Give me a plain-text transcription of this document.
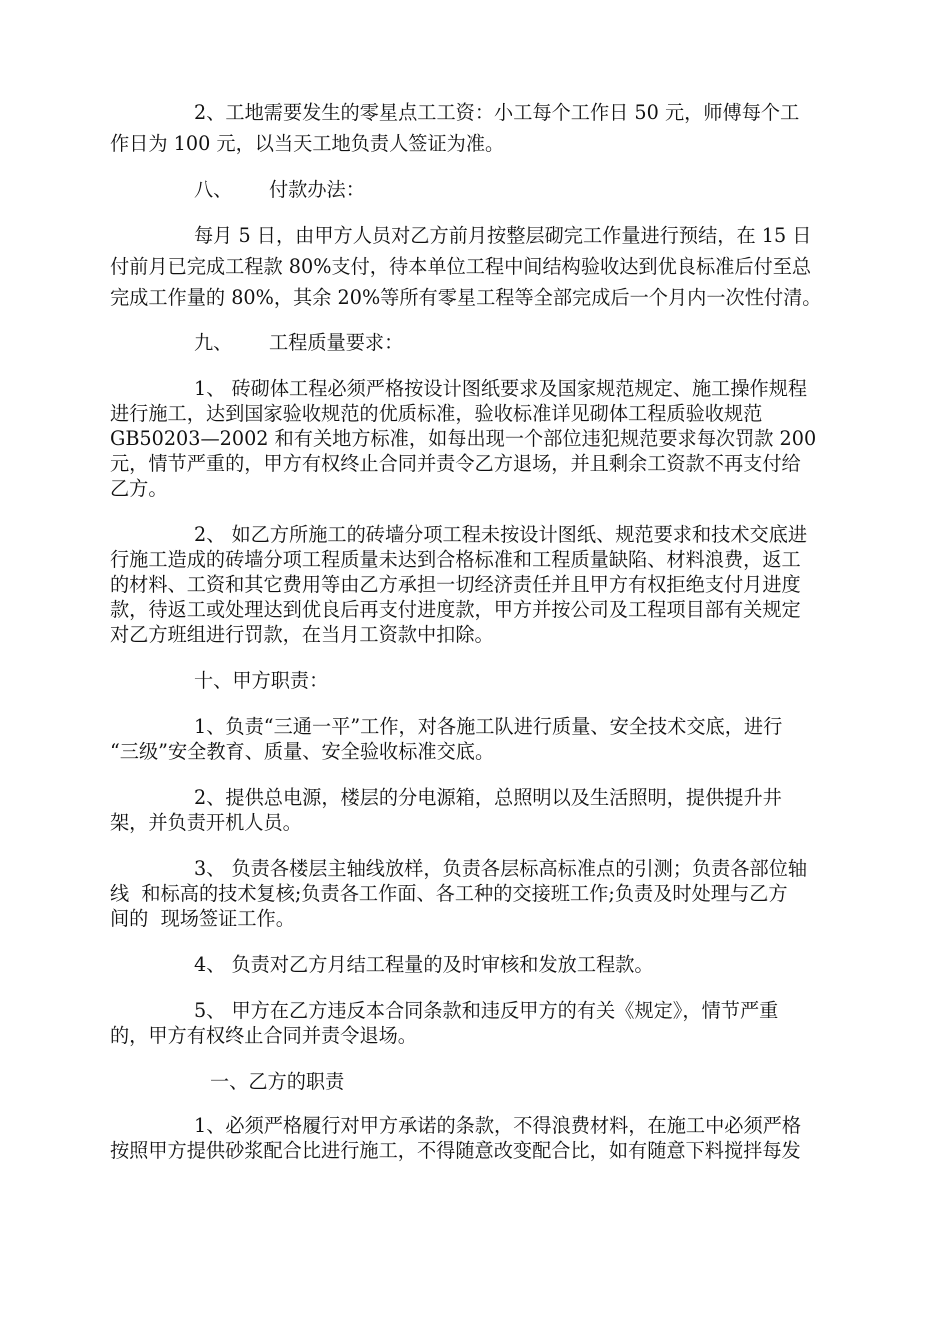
2、工地需要发生的零星点工工资：小工每个工作日 50 元，师傅每个工
作日为 100 元，以当天工地负责人签证为准。
八、      付款办法：
每月 5 日，由甲方人员对乙方前月按整层砌完工作量进行预结，在 15 日
付前月已完成工程款 80%支付，待本单位工程中间结构验收达到优良标准后付至总
完成工作量的 80%，其余 20%等所有零星工程等全部完成后一个月内一次性付清。
九、      工程质量要求：
1、 砖砌体工程必须严格按设计图纸要求及国家规范规定、施工操作规程
进行施工，达到国家验收规范的优质标准，验收标准详见砌体工程质验收规范
GB50203—2002 和有关地方标准，如每出现一个部位违犯规范要求每次罚款 200
元，情节严重的，甲方有权终止合同并责令乙方退场，并且剩余工资款不再支付给
乙方。
2、 如乙方所施工的砖墙分项工程未按设计图纸、规范要求和技术交底进
行施工造成的砖墙分项工程质量未达到合格标准和工程质量缺陷、材料浪费，返工
的材料、工资和其它费用等由乙方承担一切经济责任并且甲方有权拒绝支付月进度
款，待返工或处理达到优良后再支付进度款，甲方并按公司及工程项目部有关规定
对乙方班组进行罚款，在当月工资款中扣除。
十、甲方职责：
1、负责“三通一平”工作，对各施工队进行质量、安全技术交底，进行
“三级”安全教育、质量、安全验收标准交底。
2、提供总电源，楼层的分电源箱，总照明以及生活照明，提供提升井
架，并负责开机人员。
3、 负责各楼层主轴线放样，负责各层标高标准点的引测；负责各部位轴
线  和标高的技术复核;负责各工作面、各工种的交接班工作;负责及时处理与乙方
间的  现场签证工作。
4、 负责对乙方月结工程量的及时审核和发放工程款。
5、 甲方在乙方违反本合同条款和违反甲方的有关《规定》，情节严重
的，甲方有权终止合同并责令退场。
一、乙方的职责
1、必须严格履行对甲方承诺的条款，不得浪费材料，在施工中必须严格
按照甲方提供砂浆配合比进行施工，不得随意改变配合比，如有随意下料搅拌每发
